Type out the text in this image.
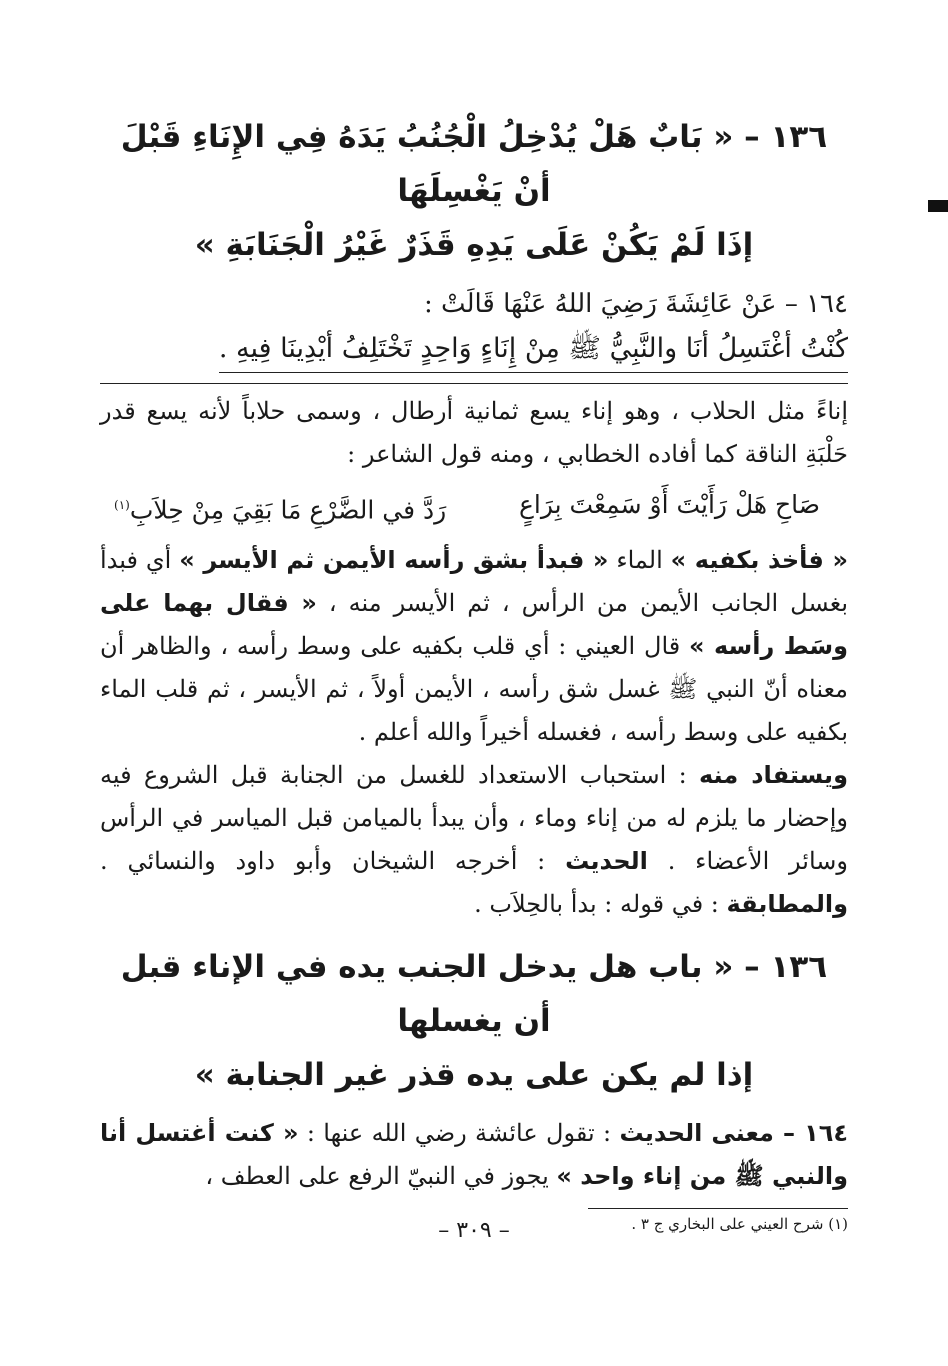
١٣٦ – « بَابٌ هَلْ يُدْخِلُ الْجُنُبُ يَدَهُ فِي الإِنَاءِ قَبْلَ أنْ يَغْسِلَهَا
إذَا لَمْ يَكُنْ عَلَى يَدِهِ قَذَرٌ غَيْرُ الْجَنَابَةِ »
١٦٤ – عَنْ عَائِشَةَ رَضِيَ اللهُ عَنْهَا قَالَتْ :
كُنْتُ أغْتَسِلُ أنَا والنَّبِيُّ ﷺ مِنْ إِنَاءٍ وَاحِدٍ تَخْتَلِفُ أيْدِينَا فِيهِ .

إناءً مثل الحلاب ، وهو إناء يسع ثمانية أرطال ، وسمى حلاباً لأنه يسع قدر حَلْبَةِ الناقة كما أفاده الخطابي ، ومنه قول الشاعر :

صَاحِ هَلْ رَأَيْتَ أَوْ سَمِعْتَ بِرَاعٍ
رَدَّ في الضَّرْعِ مَا بَقِيَ مِنْ حِلاَبِ$^{(١)}$

« فأخذ بكفيه » الماء « فبدأ بشق رأسه الأيمن ثم الأيسر » أي فبدأ بغسل الجانب الأيمن من الرأس ، ثم الأيسر منه ، « فقال بهما على وسَط رأسه » قال العيني : أي قلب بكفيه على وسط رأسه ، والظاهر أن معناه أنّ النبي ﷺ غسل شق رأسه ، الأيمن أولاً ، ثم الأيسر ، ثم قلب الماء بكفيه على وسط رأسه ، فغسله أخيراً والله أعلم .

ويستفاد منه : استحباب الاستعداد للغسل من الجنابة قبل الشروع فيه وإحضار ما يلزم له من إناء وماء ، وأن يبدأ بالميامن قبل المياسر في الرأس وسائر الأعضاء . الحديث : أخرجه الشيخان وأبو داود والنسائي . والمطابقة : في قوله : بدأ بالحِلاَب .

١٣٦ – « باب هل يدخل الجنب يده في الإناء قبل أن يغسلها
إذا لم يكن على يده قذر غير الجنابة »

١٦٤ – معنى الحديث : تقول عائشة رضي الله عنها : « كنت أغتسل أنا والنبي ﷺ من إناء واحد » يجوز في النبيّ الرفع على العطف ،

(١) شرح العيني على البخاري ج ٣ .
– ٣٠٩ –
